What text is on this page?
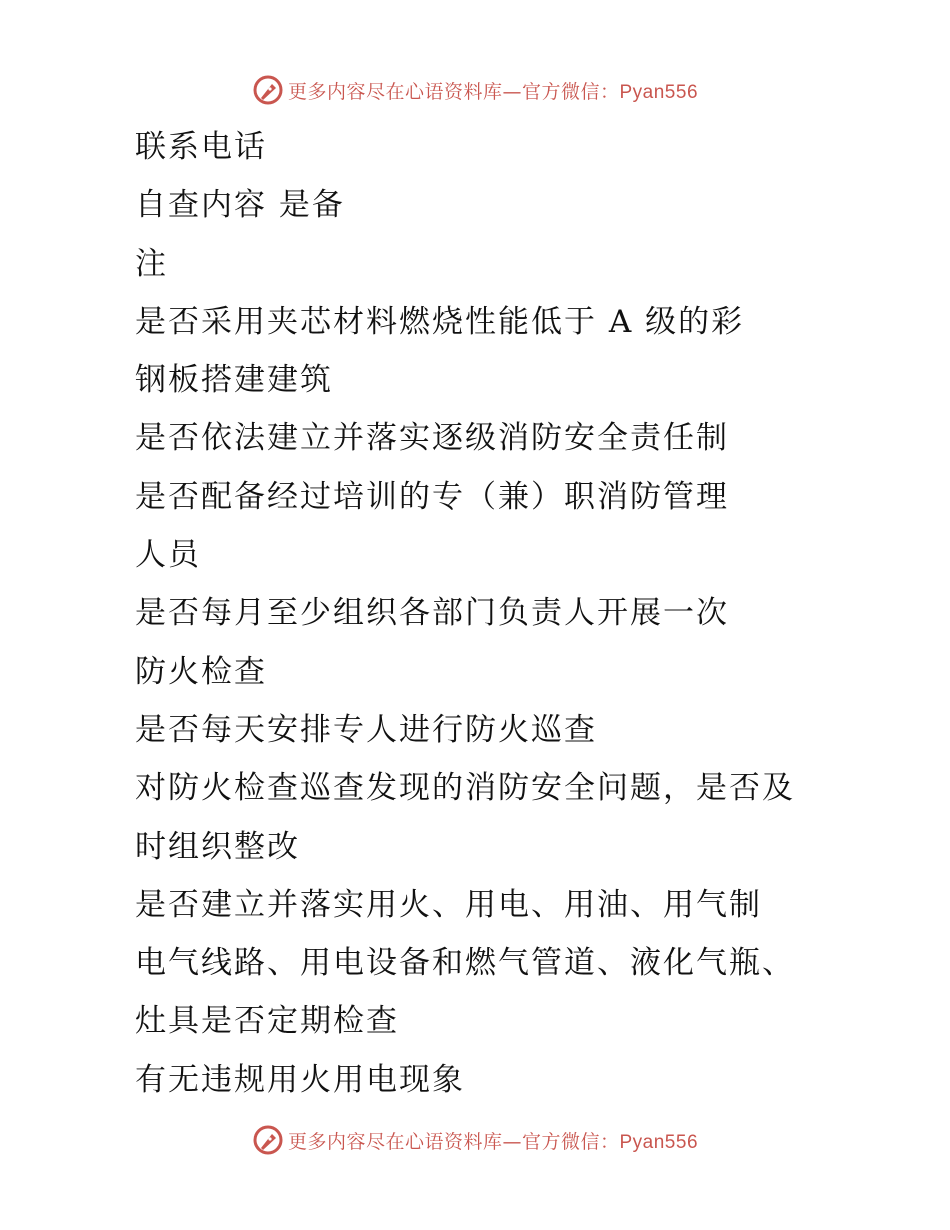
更多内容尽在心语资料库—官方微信：Pyan556
联系电话
自查内容 是备
注
是否采用夹芯材料燃烧性能低于 A 级的彩
钢板搭建建筑
是否依法建立并落实逐级消防安全责任制
是否配备经过培训的专（兼）职消防管理
人员
是否每月至少组织各部门负责人开展一次
防火检查
是否每天安排专人进行防火巡查
对防火检查巡查发现的消防安全问题，是否及
时组织整改
是否建立并落实用火、用电、用油、用气制
电气线路、用电设备和燃气管道、液化气瓶、
灶具是否定期检查
有无违规用火用电现象
更多内容尽在心语资料库—官方微信：Pyan556
